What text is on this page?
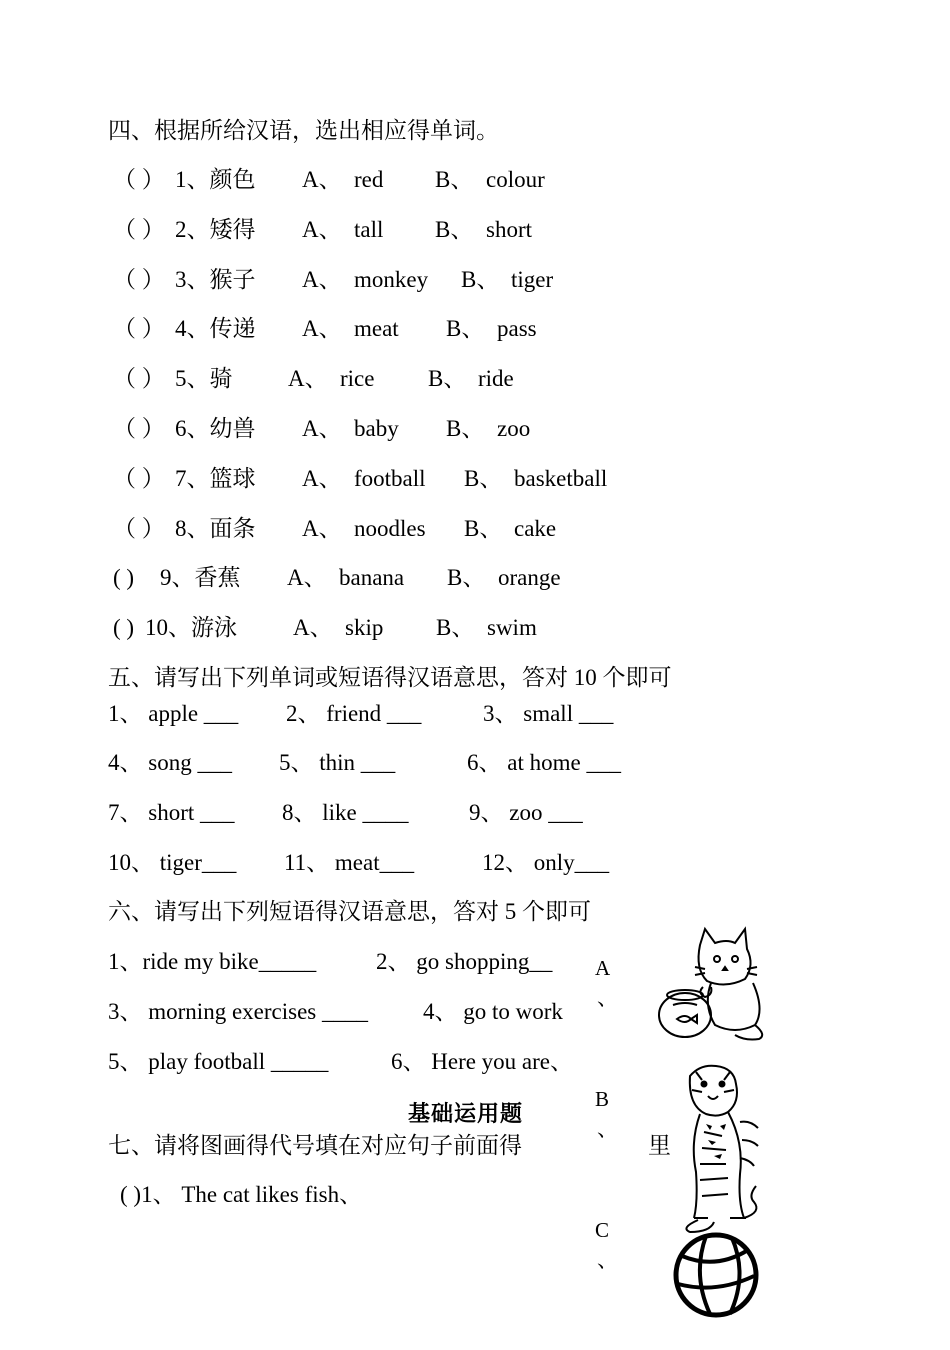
四、根据所给汉语，选出相应得单词。
（ ） 1、颜色 A、 red B、 colour
（ ） 2、矮得 A、 tall B、 short
（ ） 3、猴子 A、 monkey B、 tiger
（ ） 4、传递 A、 meat B、 pass
（ ） 5、骑 A、 rice B、 ride
（ ） 6、幼兽 A、 baby B、 zoo
（ ） 7、篮球 A、 football B、 basketball
（ ） 8、面条 A、 noodles B、 cake
( ) 9、香蕉 A、 banana B、 orange
( ) 10、游泳 A、 skip B、 swim
五、请写出下列单词或短语得汉语意思，答对 10 个即可
1、 apple ___ 2、 friend ___	3、 small ___
4、 song ___ 5、 thin ___	6、 at home ___
7、 short ___ 8、 like ____	9、 zoo ___
10、 tiger___ 11、 meat___	12、 only___
六、请写出下列短语得汉语意思，答对 5 个即可
1、ride my bike_____	2、 go shopping__
3、 morning exercises ____ 4、 go to work
5、 play football _____	6、 Here you are、
基础运用题
七、请将图画得代号填在对应句子前面得	里
( )1、 The cat likes fish、
A
、
B
、
C
、
